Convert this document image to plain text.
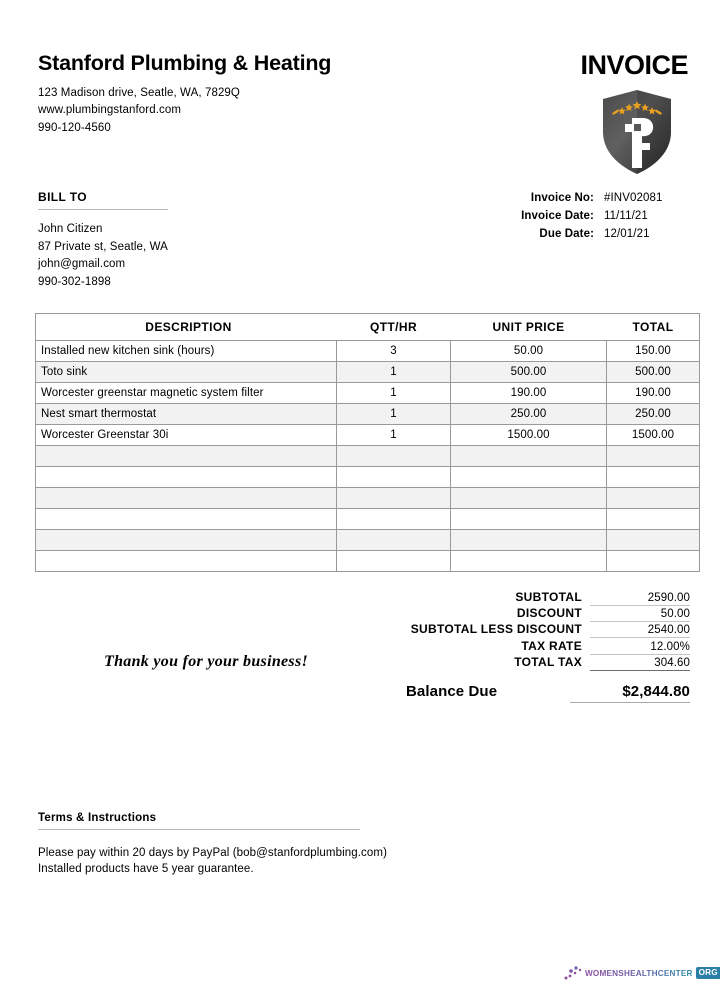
Stanford Plumbing & Heating
123 Madison drive, Seatle, WA, 7829Q
www.plumbingstanford.com
990-120-4560
INVOICE
BILL TO
John Citizen
87 Private st, Seatle, WA
john@gmail.com
990-302-1898
Invoice No: #INV02081
Invoice Date: 11/11/21
Due Date: 12/01/21
DESCRIPTION	QTT/HR	UNIT PRICE	TOTAL
Installed new kitchen sink (hours)	3	50.00	150.00
Toto sink	1	500.00	500.00
Worcester greenstar magnetic system filter	1	190.00	190.00
Nest smart thermostat	1	250.00	250.00
Worcester Greenstar 30i	1	1500.00	1500.00

SUBTOTAL	2590.00
DISCOUNT	50.00
SUBTOTAL LESS DISCOUNT	2540.00
TAX RATE	12.00%
TOTAL TAX	304.60
Balance Due	$2,844.80
Thank you for your business!
Terms & Instructions
Please pay within 20 days by PayPal (bob@stanfordplumbing.com)
Installed products have 5 year guarantee.
WOMENSHEALTHCENTER ORG
